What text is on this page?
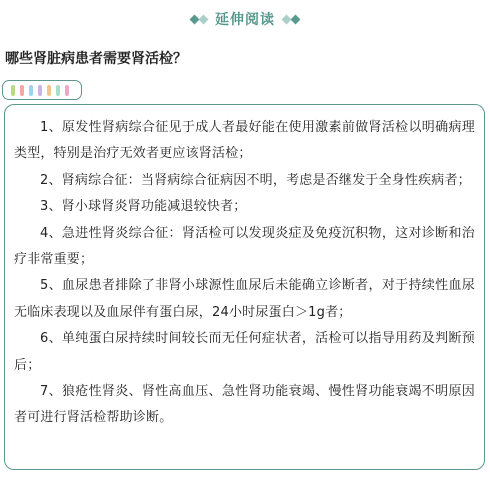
延伸阅读
哪些肾脏病患者需要肾活检？
1、原发性肾病综合征见于成人者最好能在使用激素前做肾活检以明确病理类型，特别是治疗无效者更应该肾活检；
2、肾病综合征：当肾病综合征病因不明，考虑是否继发于全身性疾病者；
3、肾小球肾炎肾功能减退较快者；
4、急进性肾炎综合征：肾活检可以发现炎症及免疫沉积物，这对诊断和治疗非常重要；
5、血尿患者排除了非肾小球源性血尿后未能确立诊断者，对于持续性血尿无临床表现以及血尿伴有蛋白尿，24小时尿蛋白＞1g者；
6、单纯蛋白尿持续时间较长而无任何症状者，活检可以指导用药及判断预后；
7、狼疮性肾炎、肾性高血压、急性肾功能衰竭、慢性肾功能衰竭不明原因者可进行肾活检帮助诊断。
